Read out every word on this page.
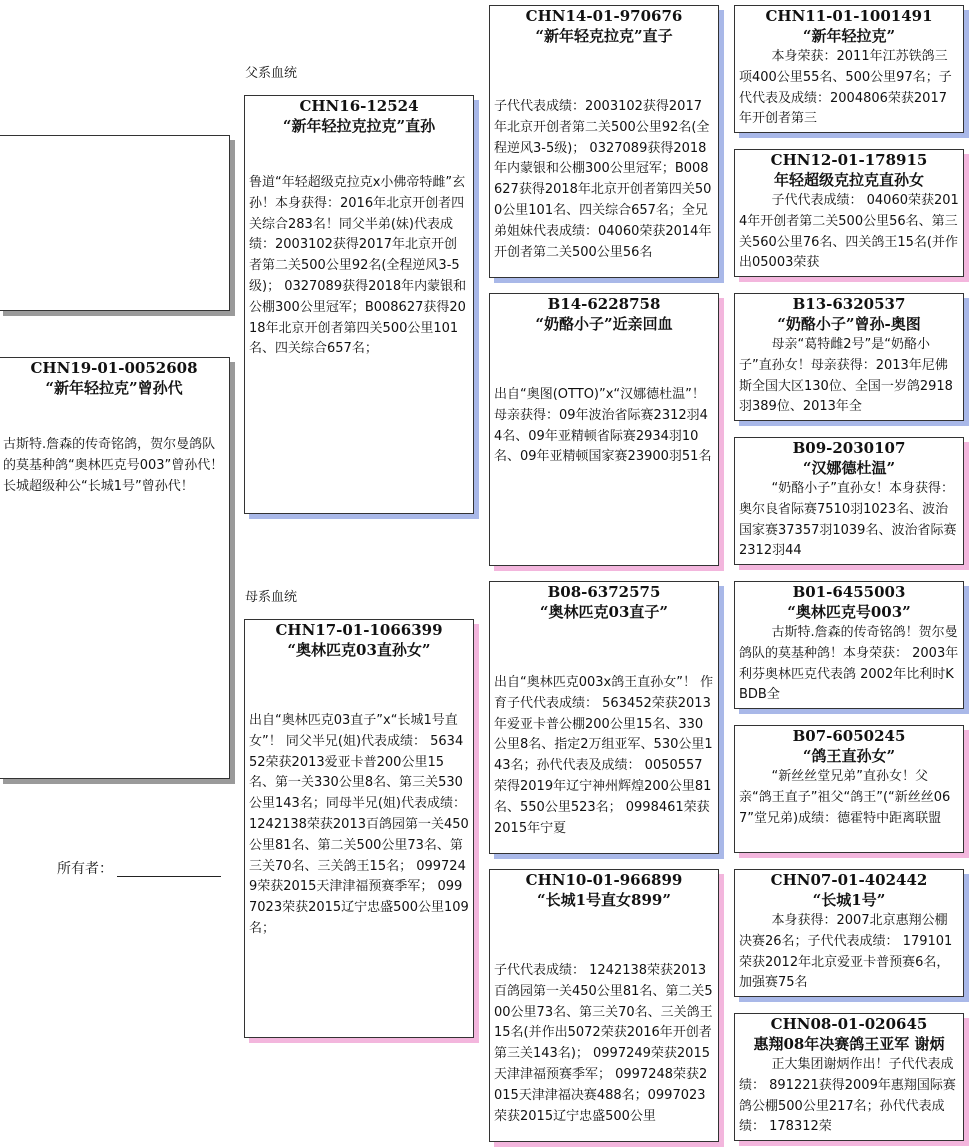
父系血统
母系血统
所有者：
CHN19-01-0052608
“新年轻拉克”曾孙代
古斯特.詹森的传奇铭鸽，贺尔曼鸽队的莫基种鸽“奥林匹克号003”曾孙代！ 长城超级种公“长城1号”曾孙代！
CHN16-12524
“新年轻拉克拉克”直孙
鲁道“年轻超级克拉克x小佛帝特雌”玄孙！本身获得：2016年北京开创者四关综合283名！同父半弟(妹)代表成绩：2003102获得2017年北京开创者第二关500公里92名(全程逆风3-5级)； 0327089获得2018年内蒙银和公棚300公里冠军；B008627获得2018年北京开创者第四关500公里101名、四关综合657名；
CHN17-01-1066399
“奥林匹克03直孙女”
出自“奥林匹克03直子”x“长城1号直女”！ 同父半兄(姐)代表成绩： 563452荣获2013爱亚卡普200公里15名、第一关330公里8名、第三关530公里143名；同母半兄(姐)代表成绩：1242138荣获2013百鸽园第一关450公里81名、第二关500公里73名、第三关70名、三关鸽王15名； 0997249荣获2015天津津福预赛季军； 0997023荣获2015辽宁忠盛500公里109名；
CHN14-01-970676
“新年轻克拉克”直子
子代代表成绩：2003102获得2017年北京开创者第二关500公里92名(全程逆风3-5级)； 0327089获得2018年内蒙银和公棚300公里冠军；B008627获得2018年北京开创者第四关500公里101名、四关综合657名；全兄弟姐妹代表成绩：04060荣获2014年开创者第二关500公里56名
B14-6228758
“奶酪小子”近亲回血
出自“奥图(OTTO)”x“汉娜德杜温”！ 母亲获得：09年波治省际赛2312羽44名、09年亚精顿省际赛2934羽10名、09年亚精顿国家赛23900羽51名
B08-6372575
“奥林匹克03直子”
出自“奥林匹克003x鸽王直孙女”！ 作育子代代表成绩： 563452荣获2013年爱亚卡普公棚200公里15名、330公里8名、指定2万组亚军、530公里143名；孙代代表及成绩： 0050557荣得2019年辽宁神州辉煌200公里81名、550公里523名； 0998461荣获2015年宁夏
CHN10-01-966899
“长城1号直女899”
子代代表成绩： 1242138荣获2013百鸽园第一关450公里81名、第二关500公里73名、第三关70名、三关鸽王15名(并作出5072荣获2016年开创者第三关143名)； 0997249荣获2015天津津福预赛季军； 0997248荣获2015天津津福决赛488名；0997023荣获2015辽宁忠盛500公里
CHN11-01-1001491
“新年轻拉克”
本身荣获：2011年江苏铁鸽三项400公里55名、500公里97名；子代代表及成绩：2004806荣获2017年开创者第三
CHN12-01-178915
年轻超级克拉克直孙女
子代代表成绩： 04060荣获2014年开创者第二关500公里56名、第三关560公里76名、四关鸽王15名(并作出05003荣获
B13-6320537
“奶酪小子”曾孙-奥图
母亲“葛特雌2号”是“奶酪小子”直孙女！母亲获得：2013年尼佛斯全国大区130位、全国一岁鸽2918羽389位、2013年全
B09-2030107
“汉娜德杜温”
“奶酪小子”直孙女！本身获得：奥尔良省际赛7510羽1023名、波治国家赛37357羽1039名、波治省际赛2312羽44
B01-6455003
“奥林匹克号003”
古斯特.詹森的传奇铭鸽！贺尔曼鸽队的莫基种鸽！本身荣获： 2003年利芬奥林匹克代表鸽 2002年比利时KBDB全
B07-6050245
“鸽王直孙女”
“新丝丝堂兄弟”直孙女！父亲“鸽王直子”祖父“鸽王”(“新丝丝067”堂兄弟)成绩：德霍特中距离联盟
CHN07-01-402442
“长城1号”
本身获得：2007北京惠翔公棚决赛26名；子代代表成绩： 179101荣获2012年北京爱亚卡普预赛6名，加强赛75名
CHN08-01-020645
惠翔08年决赛鸽王亚军 谢炳
正大集团谢炳作出！子代代表成绩： 891221获得2009年惠翔国际赛鸽公棚500公里217名；孙代代表成绩： 178312荣
